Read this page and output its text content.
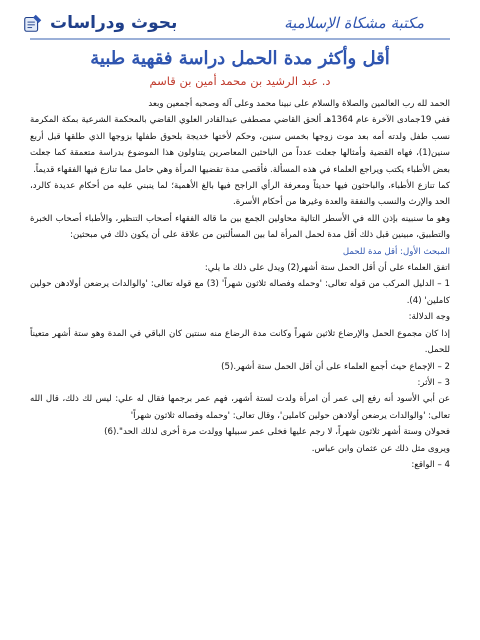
بحوث ودراسات	مكتبة مشكاة الإسلامية
أقل وأكثر مدة الحمل دراسة فقهية طبية
د. عبد الرشيد بن محمد أمين بن قاسم

الحمد لله رب العالمين والصلاة والسلام على نبينا محمد وعلى آله وصحبه أجمعين وبعد

ففي 19جمادى الآخرة عام 1364هـ ألحق القاضي مصطفى عبدالقادر العلوي القاضي بالمحكمة الشرعية بمكة المكرمة نسب طفل ولدته أمه بعد موت زوجها بخمس سنين، وحكم لأختها خديجة بلحوق طفلها بزوجها الذي طلقها قبل أربع سنين(1)، فهاه القضية وأمثالها جعلت عدداً من الباحثين المعاصرين يتناولون هذا الموضوع بدراسة متعمقة كما جعلت بعض الأطباء يكتب ويراجع العلماء في هذه المسألة. فأقصى مدة تقضيها المرأة وهي حامل مما تنازع فيها الفقهاء قديماً.

كما تنازع الأطباء، والباحثون فيها حديثاً ومعرفة الرأي الراجح فيها بالغ الأهمية؛ لما ينبني عليه من أحكام عديدة كالرد، الحد والإرث والنسب والنفقة والعدة وغيرها من أحكام الأسرة.

وهو ما سنبينه بإذن الله في الأسطر التالية محاولين الجمع بين ما قاله الفقهاء أصحاب التنظير، والأطباء أصحاب الخبرة والتطبيق، مبينين قبل ذلك أقل مدة لحمل المرأة لما بين المسألتين من علاقة على أن يكون ذلك في مبحثين:

المبحث الأول: أقل مدة للحمل

اتفق العلماء على أن أقل الحمل ستة أشهر(2) ويدل على ذلك ما يلي:

1 – الدليل المركب من قوله تعالى: 'وحمله وفصاله ثلاثون شهراً' (3) مع قوله تعالى: 'والوالدات يرضعن أولادهن حولين كاملين' (4).

وجه الدلالة:

إذا كان مجموع الحمل والإرضاع ثلاثين شهراً وكانت مدة الرضاع منه سنتين كان الباقي في المدة وهو ستة أشهر متعيناً للحمل.

2 – الإجماع حيث أجمع العلماء على أن أقل الحمل ستة أشهر.(5)

3 – الأثر:

عن أبي الأسود أنه رفع إلى عمر أن امرأة ولدت لستة أشهر، فهم عمر برجمها فقال له علي: ليس لك ذلك، قال الله تعالى: 'والوالدات يرضعن أولادهن حولين كاملين'، وقال تعالى: 'وحمله وفصاله ثلاثون شهراً'

فحولان وستة أشهر ثلاثون شهراً، لا رجم عليها فخلى عمر سبيلها وولدت مرة أخرى لذلك الحد".(6)

ويروى مثل ذلك عن عثمان وابن عباس.

4 – الواقع:
